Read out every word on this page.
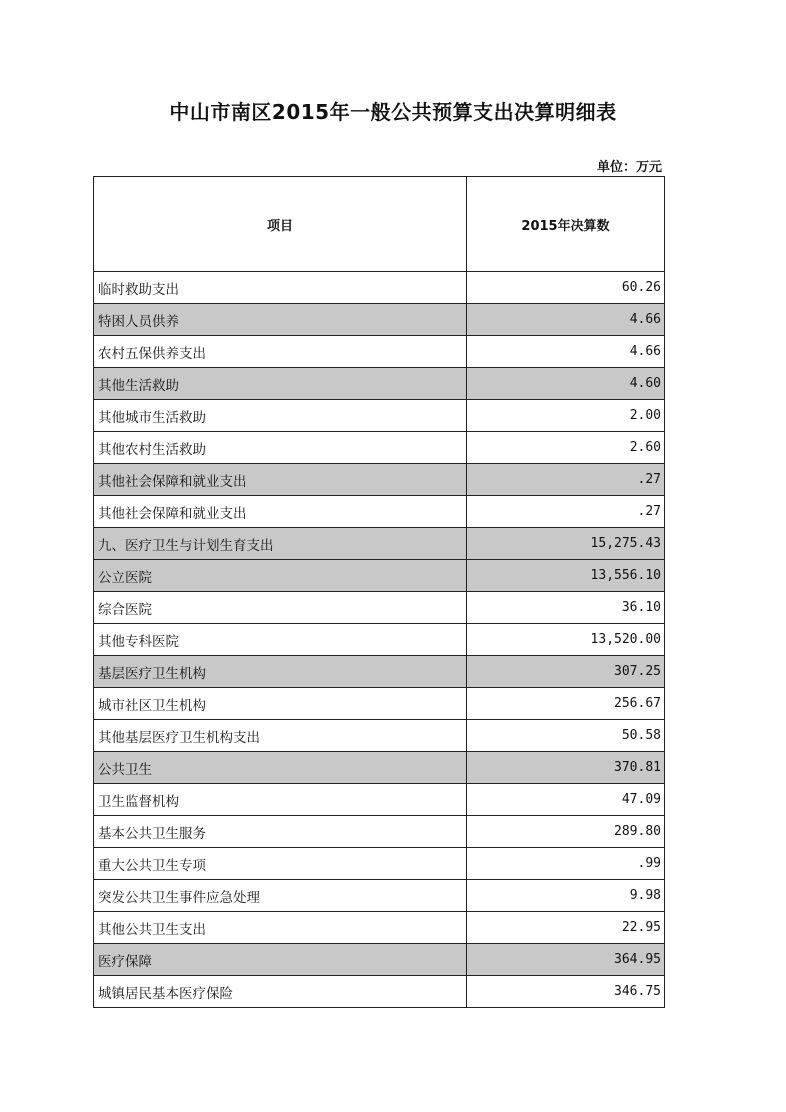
中山市南区2015年一般公共预算支出决算明细表
单位：万元
项目	2015年决算数
临时救助支出	60.26
特困人员供养	4.66
农村五保供养支出	4.66
其他生活救助	4.60
其他城市生活救助	2.00
其他农村生活救助	2.60
其他社会保障和就业支出	.27
其他社会保障和就业支出	.27
九、医疗卫生与计划生育支出	15,275.43
公立医院	13,556.10
综合医院	36.10
其他专科医院	13,520.00
基层医疗卫生机构	307.25
城市社区卫生机构	256.67
其他基层医疗卫生机构支出	50.58
公共卫生	370.81
卫生监督机构	47.09
基本公共卫生服务	289.80
重大公共卫生专项	.99
突发公共卫生事件应急处理	9.98
其他公共卫生支出	22.95
医疗保障	364.95
城镇居民基本医疗保险	346.75
